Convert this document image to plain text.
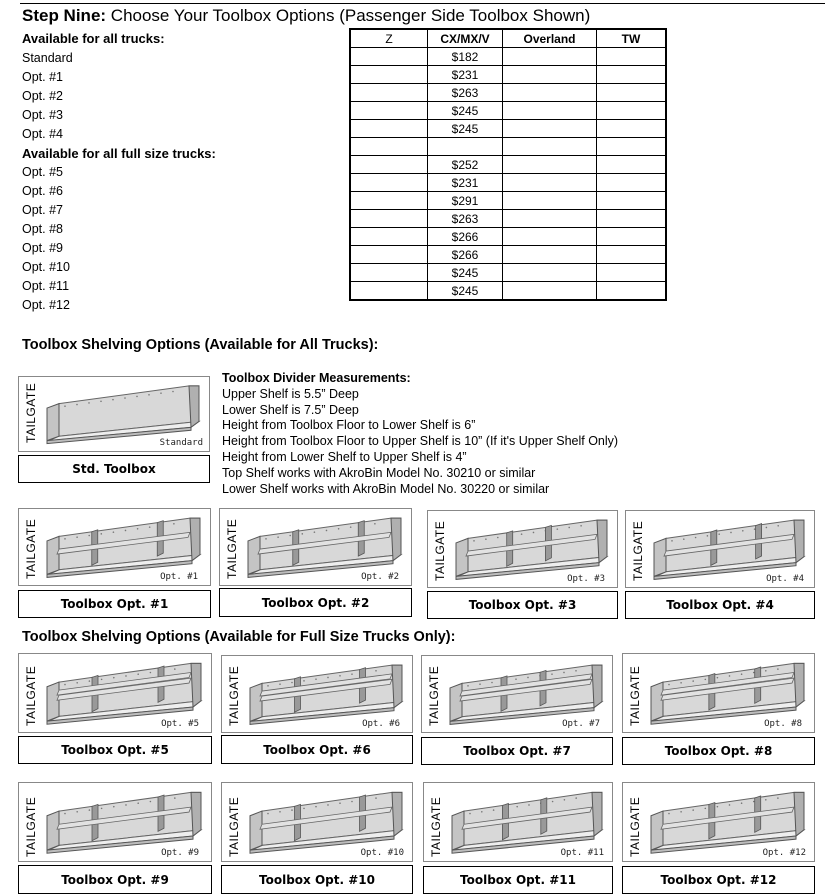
Step Nine: Choose Your Toolbox Options (Passenger Side Toolbox Shown)
Available for all trucks:
Standard
Opt. #1
Opt. #2
Opt. #3
Opt. #4
Available for all full size trucks:
Opt. #5
Opt. #6
Opt. #7
Opt. #8
Opt. #9
Opt. #10
Opt. #11
Opt. #12
Z	CX/MX/V	Overland	TW
	$182		
	$231		
	$263		
	$245		
	$245		

	$252		
	$231		
	$291		
	$263		
	$266		
	$266		
	$245		
	$245		
Toolbox Shelving Options (Available for All Trucks):
TAILGATE	Standard
Std. Toolbox
Toolbox Divider Measurements:
Upper Shelf is 5.5” Deep
Lower Shelf is 7.5” Deep
Height from Toolbox Floor to Lower Shelf is 6”
Height from Toolbox Floor to Upper Shelf is 10” (If it's Upper Shelf Only)
Height from Lower Shelf to Upper Shelf is 4”
Top Shelf works with AkroBin Model No. 30210 or similar
Lower Shelf works with AkroBin Model No. 30220 or similar
TAILGATE	Opt. #1
Toolbox Opt. #1
TAILGATE	Opt. #2
Toolbox Opt. #2
TAILGATE	Opt. #3
Toolbox Opt. #3
TAILGATE	Opt. #4
Toolbox Opt. #4
Toolbox Shelving Options (Available for Full Size Trucks Only):
TAILGATE	Opt. #5
Toolbox Opt. #5
TAILGATE	Opt. #6
Toolbox Opt. #6
TAILGATE	Opt. #7
Toolbox Opt. #7
TAILGATE	Opt. #8
Toolbox Opt. #8
TAILGATE	Opt. #9
Toolbox Opt. #9
TAILGATE	Opt. #10
Toolbox Opt. #10
TAILGATE	Opt. #11
Toolbox Opt. #11
TAILGATE	Opt. #12
Toolbox Opt. #12
